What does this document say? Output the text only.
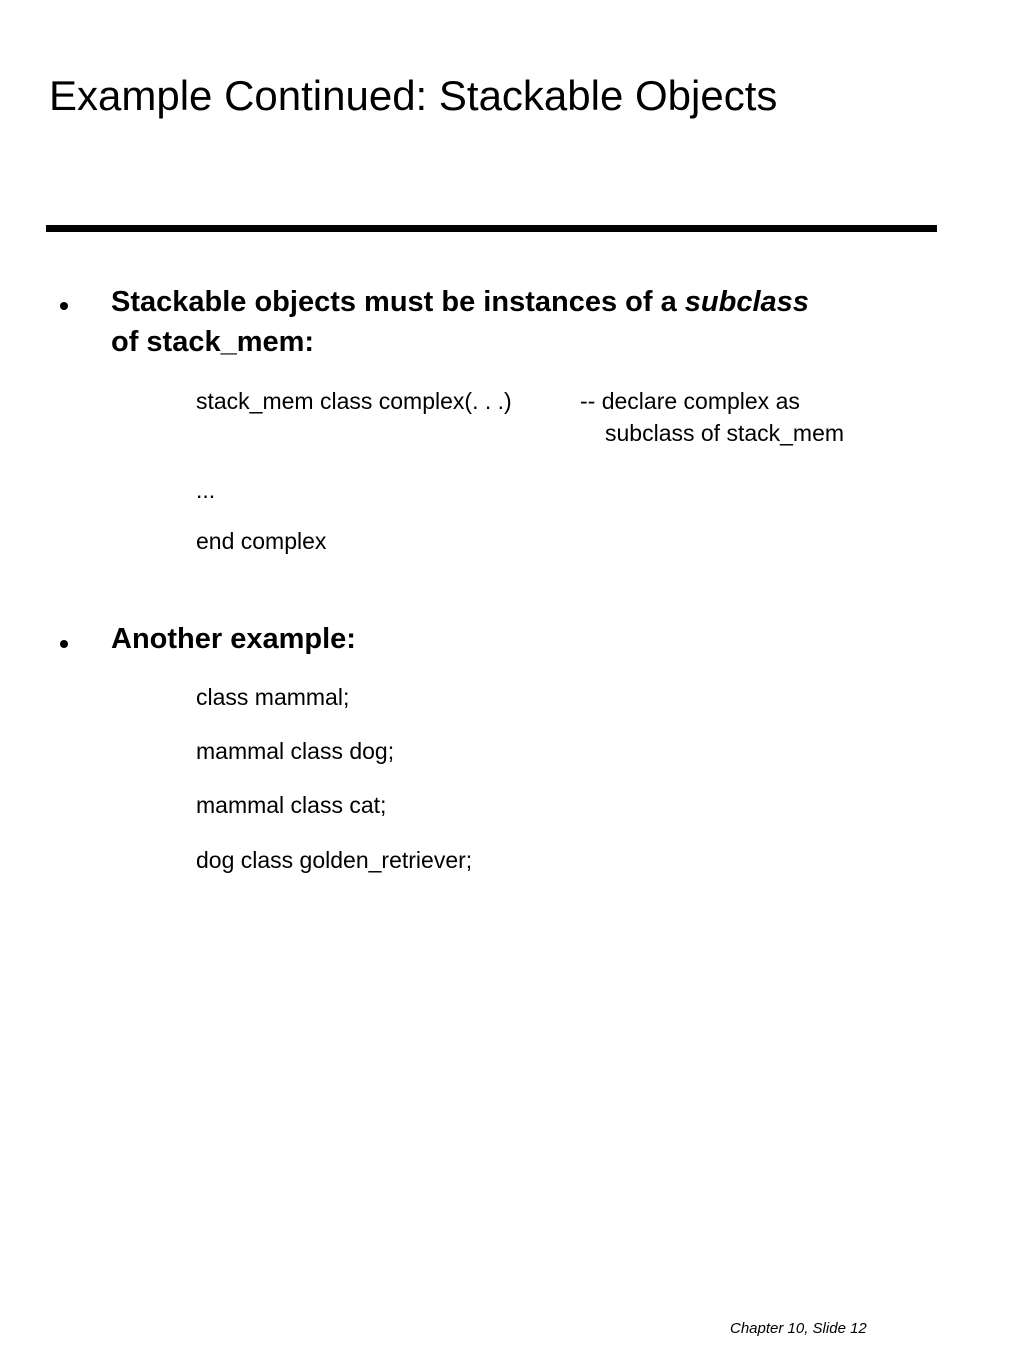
Example Continued: Stackable Objects
Stackable objects must be instances of a subclass
of stack_mem:
stack_mem class complex(. . .)	-- declare complex as
subclass of stack_mem
...
end complex
Another example:
class mammal;
mammal class dog;
mammal class cat;
dog class golden_retriever;
Chapter 10, Slide 12
